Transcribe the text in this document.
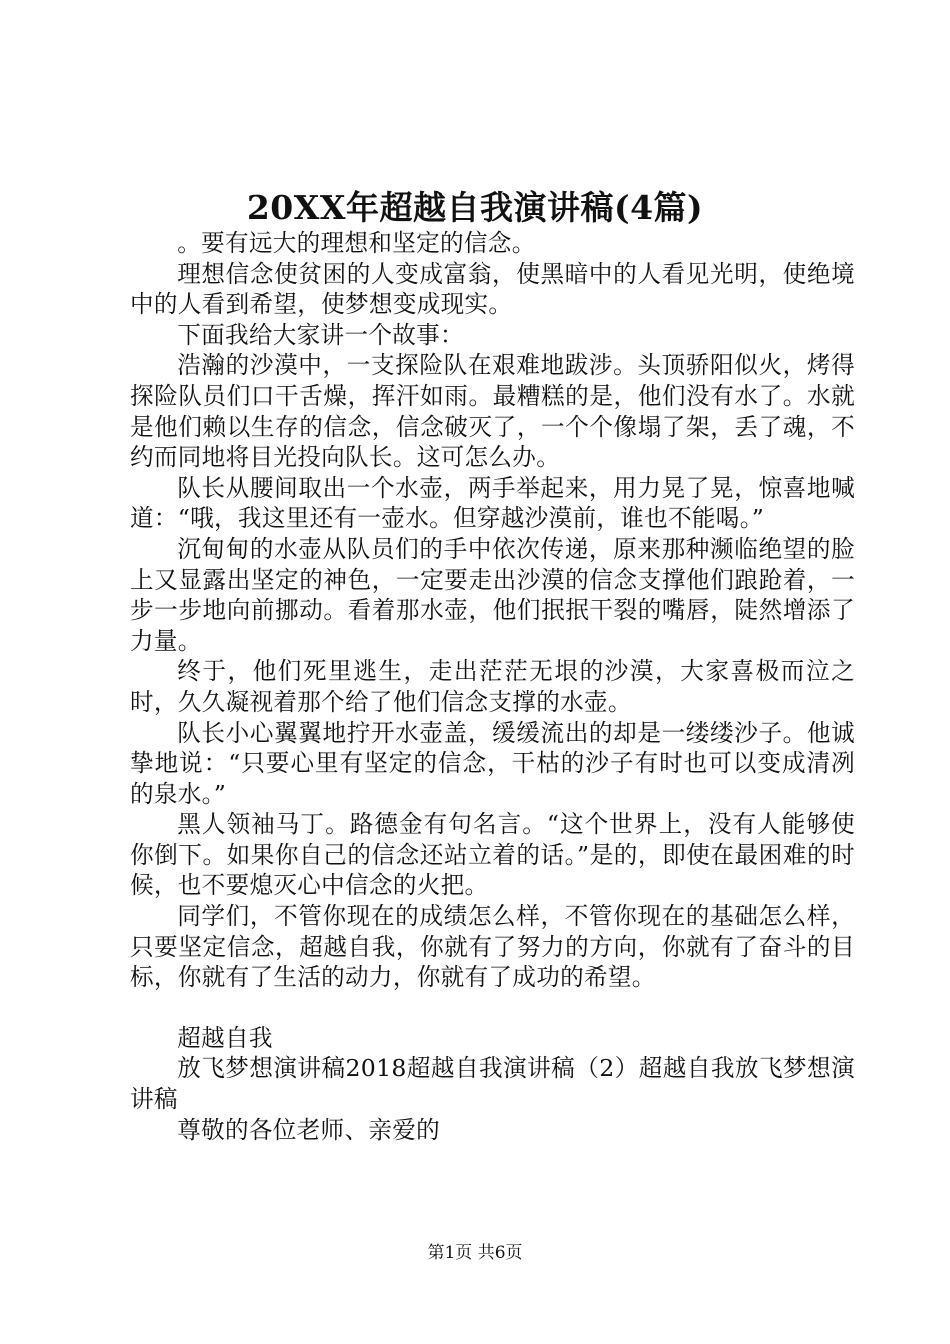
20XX年超越自我演讲稿(4篇)

。要有远大的理想和坚定的信念。

理想信念使贫困的人变成富翁，使黑暗中的人看见光明，使绝境中的人看到希望，使梦想变成现实。

下面我给大家讲一个故事：

浩瀚的沙漠中，一支探险队在艰难地跋涉。头顶骄阳似火，烤得探险队员们口干舌燥，挥汗如雨。最糟糕的是，他们没有水了。水就是他们赖以生存的信念，信念破灭了，一个个像塌了架，丢了魂，不约而同地将目光投向队长。这可怎么办。

队长从腰间取出一个水壶，两手举起来，用力晃了晃，惊喜地喊道：“哦，我这里还有一壶水。但穿越沙漠前，谁也不能喝。”

沉甸甸的水壶从队员们的手中依次传递，原来那种濒临绝望的脸上又显露出坚定的神色，一定要走出沙漠的信念支撑他们踉跄着，一步一步地向前挪动。看着那水壶，他们抿抿干裂的嘴唇，陡然增添了力量。

终于，他们死里逃生，走出茫茫无垠的沙漠，大家喜极而泣之时，久久凝视着那个给了他们信念支撑的水壶。

队长小心翼翼地拧开水壶盖，缓缓流出的却是一缕缕沙子。他诚挚地说：“只要心里有坚定的信念，干枯的沙子有时也可以变成清冽的泉水。”

黑人领袖马丁。路德金有句名言。“这个世界上，没有人能够使你倒下。如果你自己的信念还站立着的话。”是的，即使在最困难的时候，也不要熄灭心中信念的火把。

同学们，不管你现在的成绩怎么样，不管你现在的基础怎么样，只要坚定信念，超越自我，你就有了努力的方向，你就有了奋斗的目标，你就有了生活的动力，你就有了成功的希望。

超越自我

放飞梦想演讲稿2018超越自我演讲稿（2）超越自我放飞梦想演讲稿

尊敬的各位老师、亲爱的

第1页 共6页
